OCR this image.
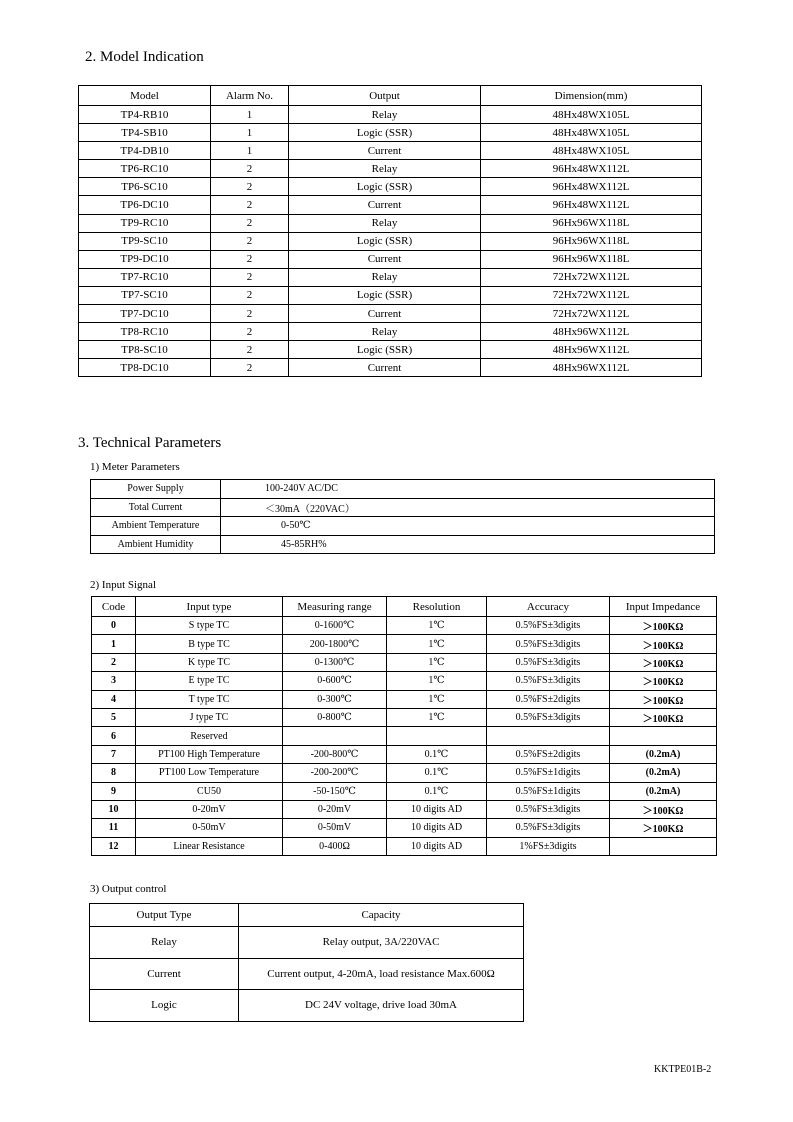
2. Model Indication
Model	Alarm No.	Output	Dimension(mm)
TP4-RB10	1	Relay	48Hx48WX105L
TP4-SB10	1	Logic (SSR)	48Hx48WX105L
TP4-DB10	1	Current	48Hx48WX105L
TP6-RC10	2	Relay	96Hx48WX112L
TP6-SC10	2	Logic (SSR)	96Hx48WX112L
TP6-DC10	2	Current	96Hx48WX112L
TP9-RC10	2	Relay	96Hx96WX118L
TP9-SC10	2	Logic (SSR)	96Hx96WX118L
TP9-DC10	2	Current	96Hx96WX118L
TP7-RC10	2	Relay	72Hx72WX112L
TP7-SC10	2	Logic (SSR)	72Hx72WX112L
TP7-DC10	2	Current	72Hx72WX112L
TP8-RC10	2	Relay	48Hx96WX112L
TP8-SC10	2	Logic (SSR)	48Hx96WX112L
TP8-DC10	2	Current	48Hx96WX112L
3. Technical Parameters
1) Meter Parameters
Power Supply	100-240V AC/DC
Total Current	＜30mA（220VAC）
Ambient Temperature	0-50℃
Ambient Humidity	45-85RH%
2) Input Signal
Code	Input type	Measuring range	Resolution	Accuracy	Input Impedance
0	S type TC	0-1600℃	1℃	0.5%FS±3digits	＞100KΩ
1	B type TC	200-1800℃	1℃	0.5%FS±3digits	＞100KΩ
2	K type TC	0-1300℃	1℃	0.5%FS±3digits	＞100KΩ
3	E type TC	0-600℃	1℃	0.5%FS±3digits	＞100KΩ
4	T type TC	0-300℃	1℃	0.5%FS±2digits	＞100KΩ
5	J type TC	0-800℃	1℃	0.5%FS±3digits	＞100KΩ
6	Reserved				
7	PT100 High Temperature	-200-800℃	0.1℃	0.5%FS±2digits	(0.2mA)
8	PT100 Low Temperature	-200-200℃	0.1℃	0.5%FS±1digits	(0.2mA)
9	CU50	-50-150℃	0.1℃	0.5%FS±1digits	(0.2mA)
10	0-20mV	0-20mV	10 digits AD	0.5%FS±3digits	＞100KΩ
11	0-50mV	0-50mV	10 digits AD	0.5%FS±3digits	＞100KΩ
12	Linear Resistance	0-400Ω	10 digits AD	1%FS±3digits	
3) Output control
Output Type	Capacity
Relay	Relay output, 3A/220VAC
Current	Current output, 4-20mA, load resistance Max.600Ω
Logic	DC 24V voltage, drive load 30mA
KKTPE01B-2
